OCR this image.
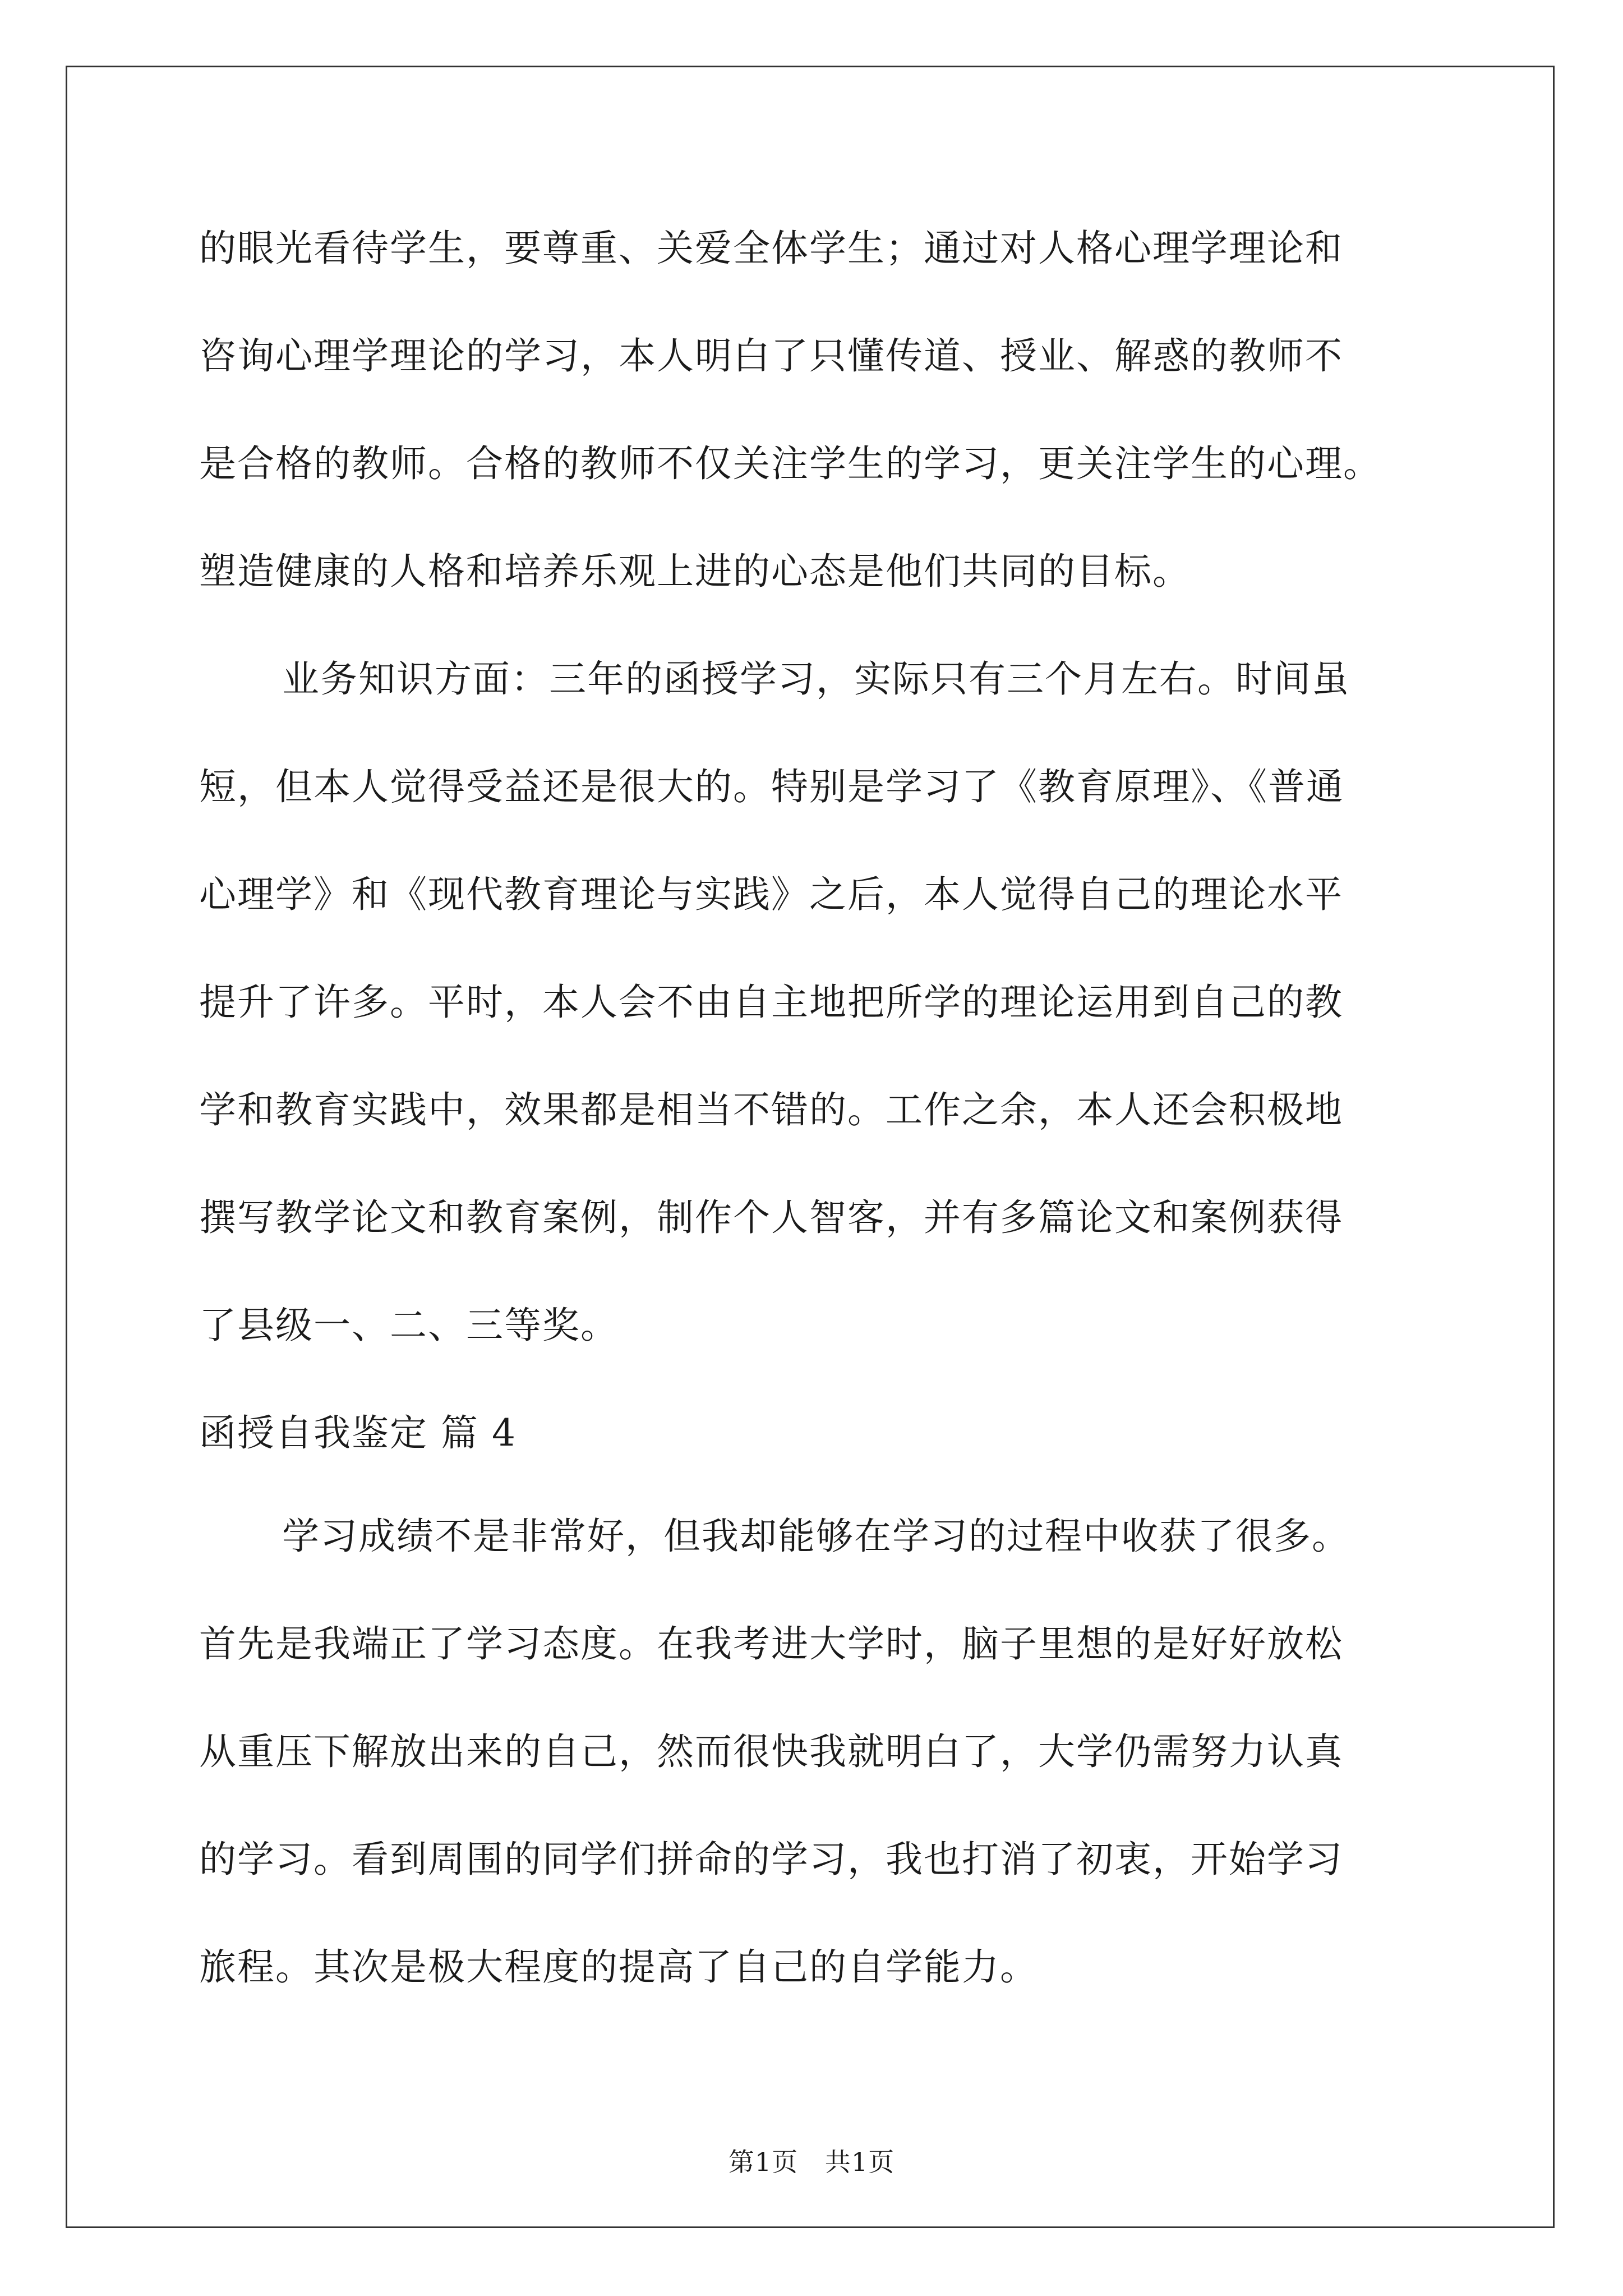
的眼光看待学生，要尊重、关爱全体学生；通过对人格心理学理论和
咨询心理学理论的学习，本人明白了只懂传道、授业、解惑的教师不
是合格的教师。合格的教师不仅关注学生的学习，更关注学生的心理。
塑造健康的人格和培养乐观上进的心态是他们共同的目标。
业务知识方面：三年的函授学习，实际只有三个月左右。时间虽
短，但本人觉得受益还是很大的。特别是学习了《教育原理》、《普通
心理学》和《现代教育理论与实践》之后，本人觉得自己的理论水平
提升了许多。平时，本人会不由自主地把所学的理论运用到自己的教
学和教育实践中，效果都是相当不错的。工作之余，本人还会积极地
撰写教学论文和教育案例，制作个人智客，并有多篇论文和案例获得
了县级一、二、三等奖。
函授自我鉴定 篇 4
学习成绩不是非常好，但我却能够在学习的过程中收获了很多。
首先是我端正了学习态度。在我考进大学时，脑子里想的是好好放松
从重压下解放出来的自己，然而很快我就明白了，大学仍需努力认真
的学习。看到周围的同学们拼命的学习，我也打消了初衷，开始学习
旅程。其次是极大程度的提高了自己的自学能力。
第1页 共1页
